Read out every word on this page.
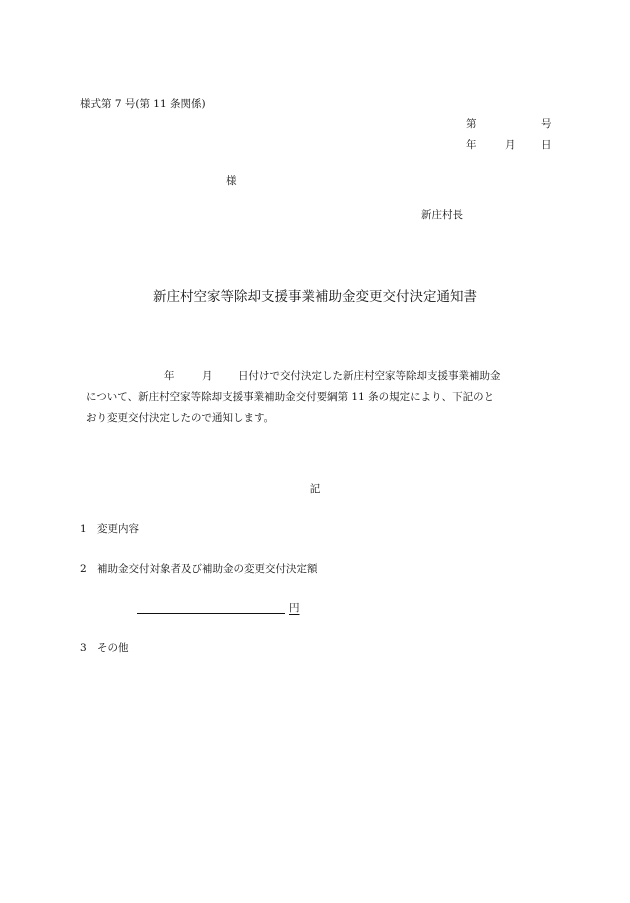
様式第 7 号(第 11 条関係)
第	号
年	月 日
様
新庄村長
新庄村空家等除却支援事業補助金変更交付決定通知書
年	月 日付けで交付決定した新庄村空家等除却支援事業補助金
について、新庄村空家等除却支援事業補助金交付要綱第 11 条の規定により、下記のと
おり変更交付決定したので通知します。
記
1 変更内容
2 補助金交付対象者及び補助金の変更交付決定額
円
3 その他
